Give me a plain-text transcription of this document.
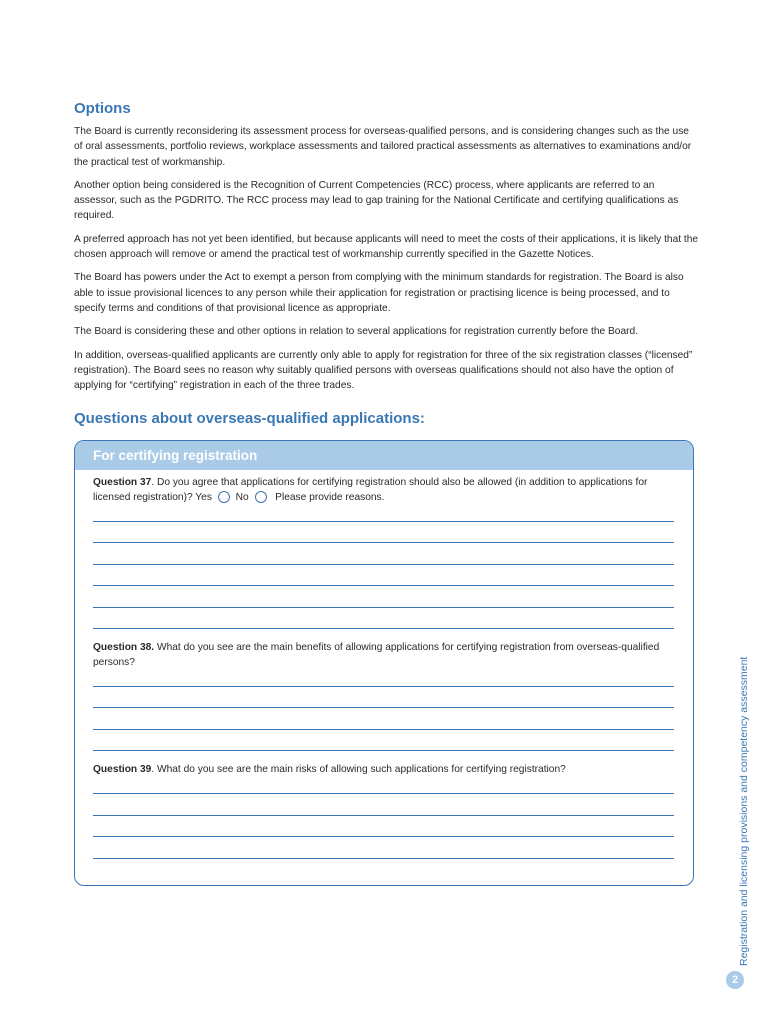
Options

The Board is currently reconsidering its assessment process for overseas-qualified persons, and is considering changes such as the use of oral assessments, portfolio reviews, workplace assessments and tailored practical assessments as alternatives to examinations and/or the practical test of workmanship.

Another option being considered is the Recognition of Current Competencies (RCC) process, where applicants are referred to an assessor, such as the PGDRITO. The RCC process may lead to gap training for the National Certificate and certifying qualifications as required.

A preferred approach has not yet been identified, but because applicants will need to meet the costs of their applications, it is likely that the chosen approach will remove or amend the practical test of workmanship currently specified in the Gazette Notices.

The Board has powers under the Act to exempt a person from complying with the minimum standards for registration. The Board is also able to issue provisional licences to any person while their application for registration or practising licence is being processed, and to specify terms and conditions of that provisional licence as appropriate.

The Board is considering these and other options in relation to several applications for registration currently before the Board.

In addition, overseas-qualified applicants are currently only able to apply for registration for three of the six registration classes (“licensed” registration). The Board sees no reason why suitably qualified persons with overseas qualifications should not also have the option of applying for “certifying” registration in each of the three trades.

Questions about overseas-qualified applications:
For certifying registration
Question 37. Do you agree that applications for certifying registration should also be allowed (in addition to applications for licensed registration)? Yes No	Please provide reasons.
Question 38. What do you see are the main benefits of allowing applications for certifying registration from overseas-qualified persons?
Question 39. What do you see are the main risks of allowing such applications for certifying registration?	Registration and licensing provisions and competency assessment
2
